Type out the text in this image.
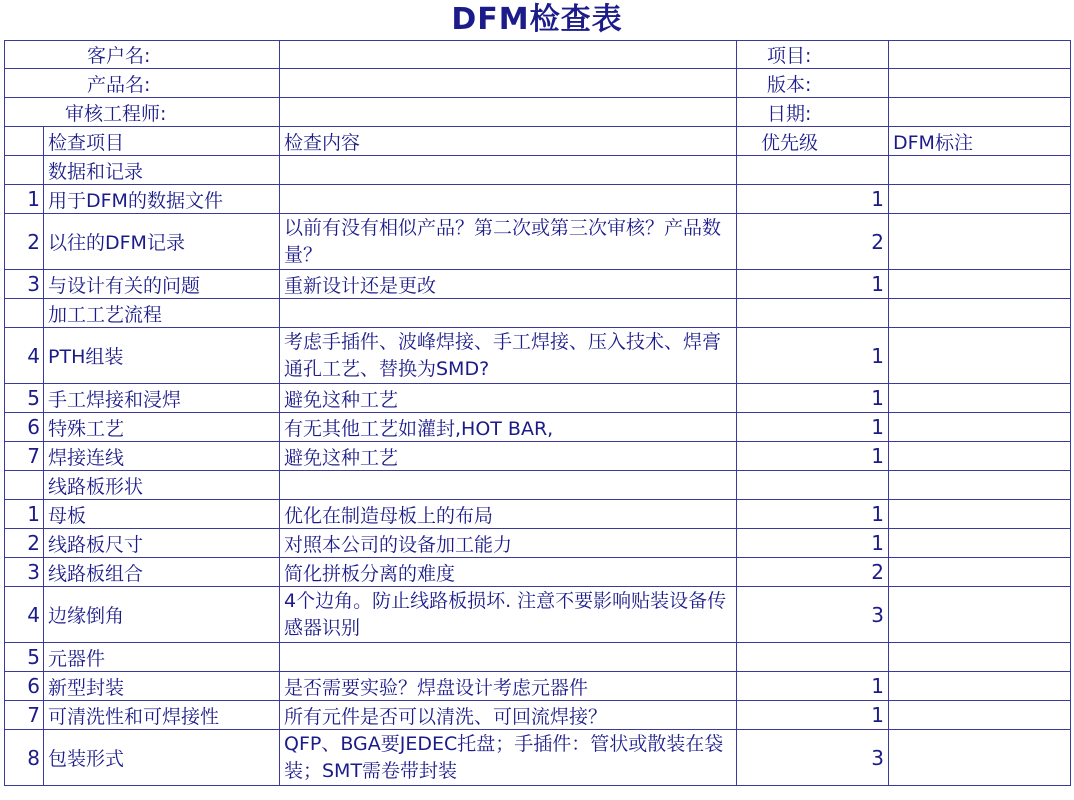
DFM检查表
客户名:			项目:	
产品名:			版本:	
审核工程师:			日期:	
	检查项目	检查内容	优先级	DFM标注
	数据和记录			
1	用于DFM的数据文件		1	
2	以往的DFM记录	以前有没有相似产品？第二次或第三次审核？产品数量？	2	
3	与设计有关的问题	重新设计还是更改	1	
	加工工艺流程			
4	PTH组装	考虑手插件、波峰焊接、手工焊接、压入技术、焊膏通孔工艺、替换为SMD?	1	
5	手工焊接和浸焊	避免这种工艺	1	
6	特殊工艺	有无其他工艺如灌封,HOT BAR,	1	
7	焊接连线	避免这种工艺	1	
	线路板形状			
1	母板	优化在制造母板上的布局	1	
2	线路板尺寸	对照本公司的设备加工能力	1	
3	线路板组合	简化拼板分离的难度	2	
4	边缘倒角	4个边角。防止线路板损坏. 注意不要影响贴装设备传感器识别	3	
5	元器件			
6	新型封装	是否需要实验？焊盘设计考虑元器件	1	
7	可清洗性和可焊接性	所有元件是否可以清洗、可回流焊接？	1	
8	包装形式	QFP、BGA要JEDEC托盘；手插件：管状或散装在袋装；SMT需卷带封装	3	
